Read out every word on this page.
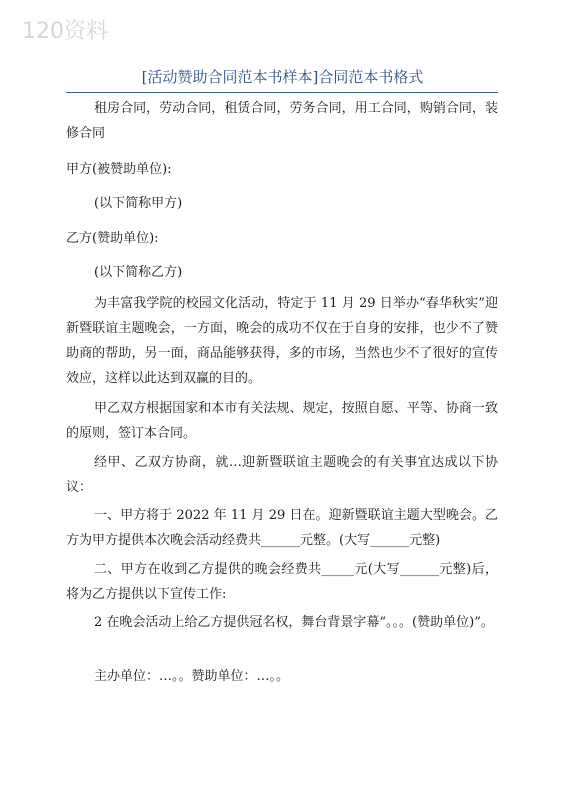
120资料
[活动赞助合同范本书样本]合同范本书格式

租房合同，劳动合同，租赁合同，劳务合同，用工合同，购销合同，装修合同

甲方(被赞助单位):

(以下简称甲方)

乙方(赞助单位):

(以下简称乙方)

为丰富我学院的校园文化活动，特定于 11 月 29 日举办“春华秋实”迎新暨联谊主题晚会，一方面，晚会的成功不仅在于自身的安排，也少不了赞助商的帮助，另一面，商品能够获得，多的市场，当然也少不了很好的宣传效应，这样以此达到双赢的目的。

甲乙双方根据国家和本市有关法规、规定，按照自愿、平等、协商一致的原则，签订本合同。

经甲、乙双方协商，就…迎新暨联谊主题晚会的有关事宜达成以下协议：

一、甲方将于 2022 年 11 月 29 日在。迎新暨联谊主题大型晚会。乙方为甲方提供本次晚会活动经费共______元整。(大写______元整)

二、甲方在收到乙方提供的晚会经费共_____元(大写______元整)后，将为乙方提供以下宣传工作:

2 在晚会活动上给乙方提供冠名权，舞台背景字幕“。。。(赞助单位)”。

主办单位：…。。赞助单位：…。。
